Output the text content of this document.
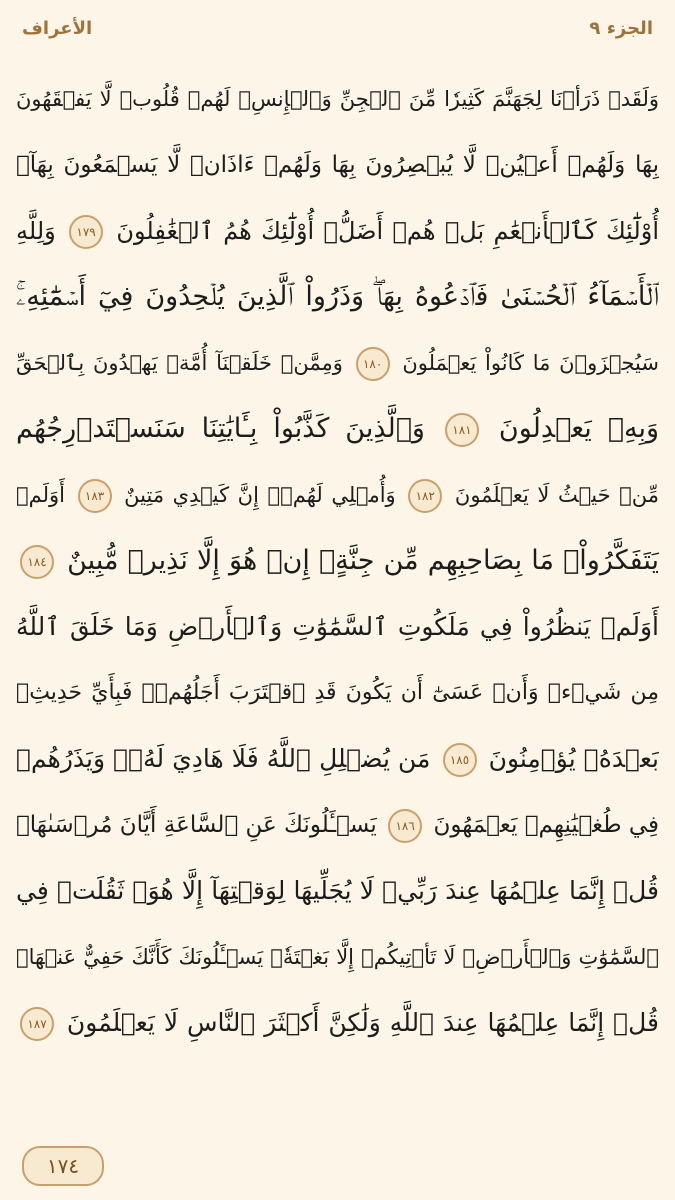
الجزء ٩
الأعراف
وَلَقَدۡ ذَرَأۡنَا لِجَهَنَّمَ كَثِيرٗا مِّنَ ٱلۡجِنِّ وَٱلۡإِنسِۖ لَهُمۡ قُلُوبٞ لَّا يَفۡقَهُونَ
بِهَا وَلَهُمۡ أَعۡيُنٞ لَّا يُبۡصِرُونَ بِهَا وَلَهُمۡ ءَاذَانٞ لَّا يَسۡمَعُونَ بِهَآۚ
أُوْلَٰٓئِكَ كَٱلۡأَنۡعَٰمِ بَلۡ هُمۡ أَضَلُّۚ أُوْلَٰٓئِكَ هُمُ ٱلۡغَٰفِلُونَ ١٧٩ وَلِلَّهِ
ٱلۡأَسۡمَآءُ ٱلۡحُسۡنَىٰ فَٱدۡعُوهُ بِهَاۖ وَذَرُواْ ٱلَّذِينَ يُلۡحِدُونَ فِيٓ أَسۡمَٰٓئِهِۦۚ
سَيُجۡزَوۡنَ مَا كَانُواْ يَعۡمَلُونَ ١٨٠ وَمِمَّنۡ خَلَقۡنَآ أُمَّةٞ يَهۡدُونَ بِٱلۡحَقِّ
وَبِهِۦ يَعۡدِلُونَ ١٨١ وَٱلَّذِينَ كَذَّبُواْ بِـَٔايَٰتِنَا سَنَسۡتَدۡرِجُهُم
مِّنۡ حَيۡثُ لَا يَعۡلَمُونَ ١٨٢ وَأُمۡلِي لَهُمۡۚ إِنَّ كَيۡدِي مَتِينٌ ١٨٣ أَوَلَمۡ
يَتَفَكَّرُواْۗ مَا بِصَاحِبِهِم مِّن جِنَّةٍۚ إِنۡ هُوَ إِلَّا نَذِيرٞ مُّبِينٌ ١٨٤
أَوَلَمۡ يَنظُرُواْ فِي مَلَكُوتِ ٱلسَّمَٰوَٰتِ وَٱلۡأَرۡضِ وَمَا خَلَقَ ٱللَّهُ
مِن شَيۡءٖ وَأَنۡ عَسَىٰٓ أَن يَكُونَ قَدِ ٱقۡتَرَبَ أَجَلُهُمۡۖ فَبِأَيِّ حَدِيثِۭ
بَعۡدَهُۥ يُؤۡمِنُونَ ١٨٥ مَن يُضۡلِلِ ٱللَّهُ فَلَا هَادِيَ لَهُۥۚ وَيَذَرُهُمۡ
فِي طُغۡيَٰنِهِمۡ يَعۡمَهُونَ ١٨٦ يَسۡـَٔلُونَكَ عَنِ ٱلسَّاعَةِ أَيَّانَ مُرۡسَىٰهَاۖ
قُلۡ إِنَّمَا عِلۡمُهَا عِندَ رَبِّيۖ لَا يُجَلِّيهَا لِوَقۡتِهَآ إِلَّا هُوَۚ ثَقُلَتۡ فِي
ٱلسَّمَٰوَٰتِ وَٱلۡأَرۡضِۚ لَا تَأۡتِيكُمۡ إِلَّا بَغۡتَةٗۗ يَسۡـَٔلُونَكَ كَأَنَّكَ حَفِيٌّ عَنۡهَاۖ
قُلۡ إِنَّمَا عِلۡمُهَا عِندَ ٱللَّهِ وَلَٰكِنَّ أَكۡثَرَ ٱلنَّاسِ لَا يَعۡلَمُونَ ١٨٧
١٧٤
